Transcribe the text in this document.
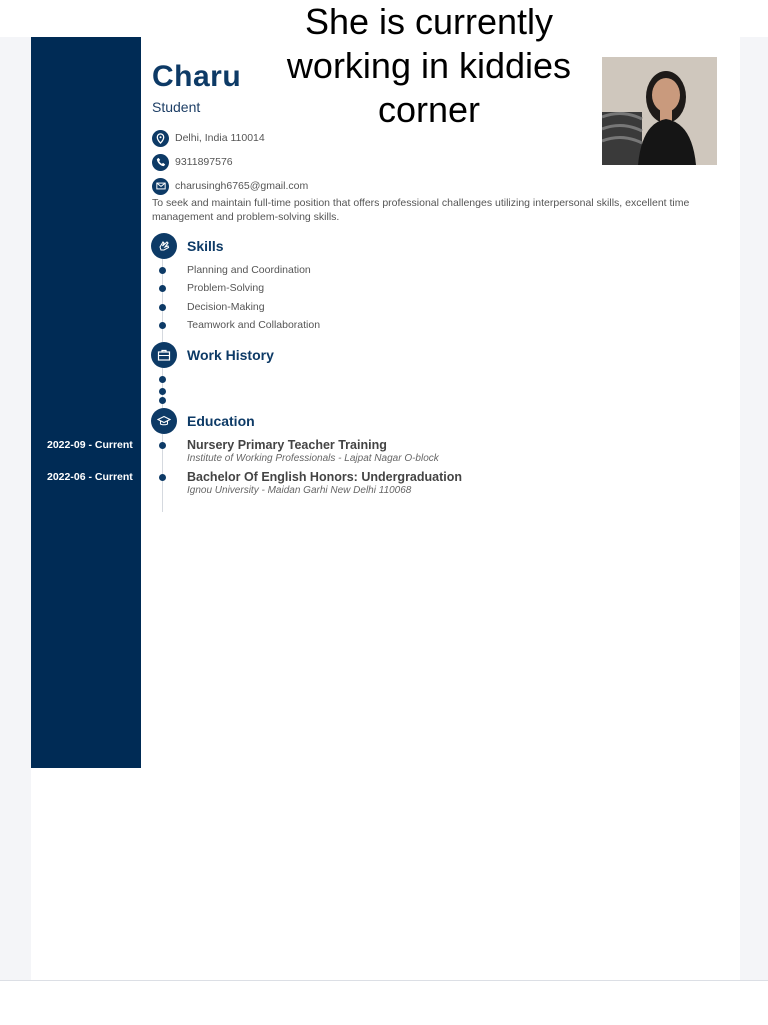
She is currently working in kiddies corner
Charu
Student
Delhi, India 110014
9311897576
charusingh6765@gmail.com
To seek and maintain full-time position that offers professional challenges utilizing interpersonal skills, excellent time management and problem-solving skills.
Skills
Planning and Coordination
Problem-Solving
Decision-Making
Teamwork and Collaboration
Work History
Education
2022-09 - Current	Nursery Primary Teacher Training
Institute of Working Professionals - Lajpat Nagar O-block
2022-06 - Current	Bachelor Of English Honors: Undergraduation
Ignou University - Maidan Garhi New Delhi 110068
